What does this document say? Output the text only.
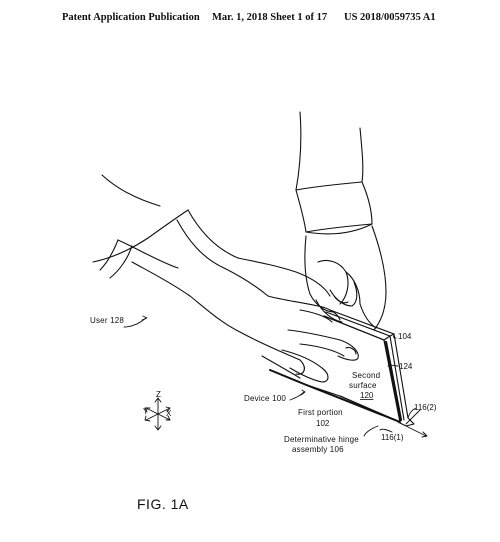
Patent Application Publication Mar. 1, 2018 Sheet 1 of 17 US 2018/0059735 A1
Z
Y X
User 128
104
124
Second
surface
120
Device 100
116(2)
First portion
102
116(1)
Determinative hinge
assembly 106
FIG. 1A
